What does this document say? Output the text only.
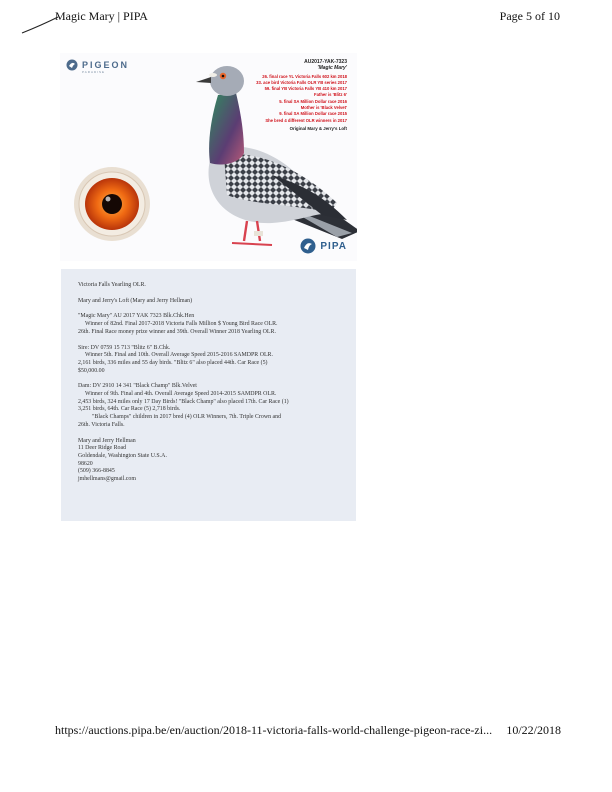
Magic Mary | PIPA	Page 5 of 10
PIGEON
PARADISE
AU2017-YAK-7323
'Magic Mary'
26. final race YL Victoria Falls 602 km 2018
33. ace bird Victoria Falls OLR YB series 2017
59. final YB Victoria Falls YB 410 km 2017
Father is 'Blitz 6'
5. final SA Million Dollar race 2016
Mother is 'Black Velvet'
9. final SA Million Dollar race 2015
She bred 4 different OLR winners in 2017
Original Mary & Jerry's Loft
PIPA

Victoria Falls Yearling OLR.

Mary and Jerry's Loft (Mary and Jerry Hellman)

"Magic Mary" AU 2017 YAK 7323 Blk.Chk.Hen

Winner of 82nd. Final 2017-2018 Victoria Falls Million $ Young Bird Race OLR.

26th. Final Race money prize winner and 39th. Overall Winner 2018 Yearling OLR.

Sire: DV 0759 15 713 "Blitz 6" B.Chk.

Winner 5th. Final and 10th. Overall Average Speed 2015-2016 SAMDPR OLR.

2,161 birds, 336 miles and 55 day birds. "Blitz 6" also placed 44th. Car Race (5)

$50,000.00

Dam: DV 2910 14 341 "Black Champ" Blk.Velvet

Winner of 9th. Final and 4th. Overall Average Speed 2014-2015 SAMDPR OLR.

2,453 birds, 324 miles only 17 Day Birds! "Black Champ" also placed 17th. Car Race (1)

3,251 birds, 64th. Car Race (5) 2,718 birds.

"Black Champs" children in 2017 bred (4) OLR Winners, 7th. Triple Crown and

26th. Victoria Falls.

Mary and Jerry Hellman

11 Deer Ridge Road

Goldendale, Washington State U.S.A.

98620

(509) 366-8845

jmhellmans@gmail.com

https://auctions.pipa.be/en/auction/2018-11-victoria-falls-world-challenge-pigeon-race-zi... 10/22/2018
